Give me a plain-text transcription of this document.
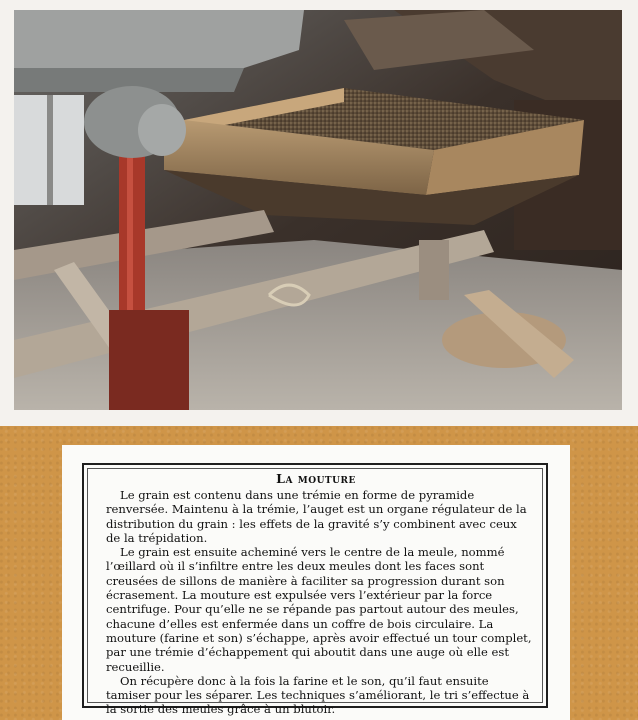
La mouture

Le grain est contenu dans une trémie en forme de pyramide renversée. Maintenu à la trémie, l’auget est un organe régulateur de la distribution du grain : les effets de la gravité s’y combinent avec ceux de la trépidation.

Le grain est ensuite acheminé vers le centre de la meule, nommé l’œillard où il s’infiltre entre les deux meules dont les faces sont creusées de sillons de manière à faciliter sa progression durant son écrasement. La mouture est expulsée vers l’extérieur par la force centrifuge. Pour qu’elle ne se répande pas partout autour des meules, chacune d’elles est enfermée dans un coffre de bois circulaire. La mouture (farine et son) s’échappe, après avoir effectué un tour complet, par une trémie d’échappement qui aboutit dans une auge où elle est recueillie.

On récupère donc à la fois la farine et le son, qu’il faut ensuite tamiser pour les séparer. Les techniques s’améliorant, le tri s’effectue à la sortie des meules grâce à un blutoir.
